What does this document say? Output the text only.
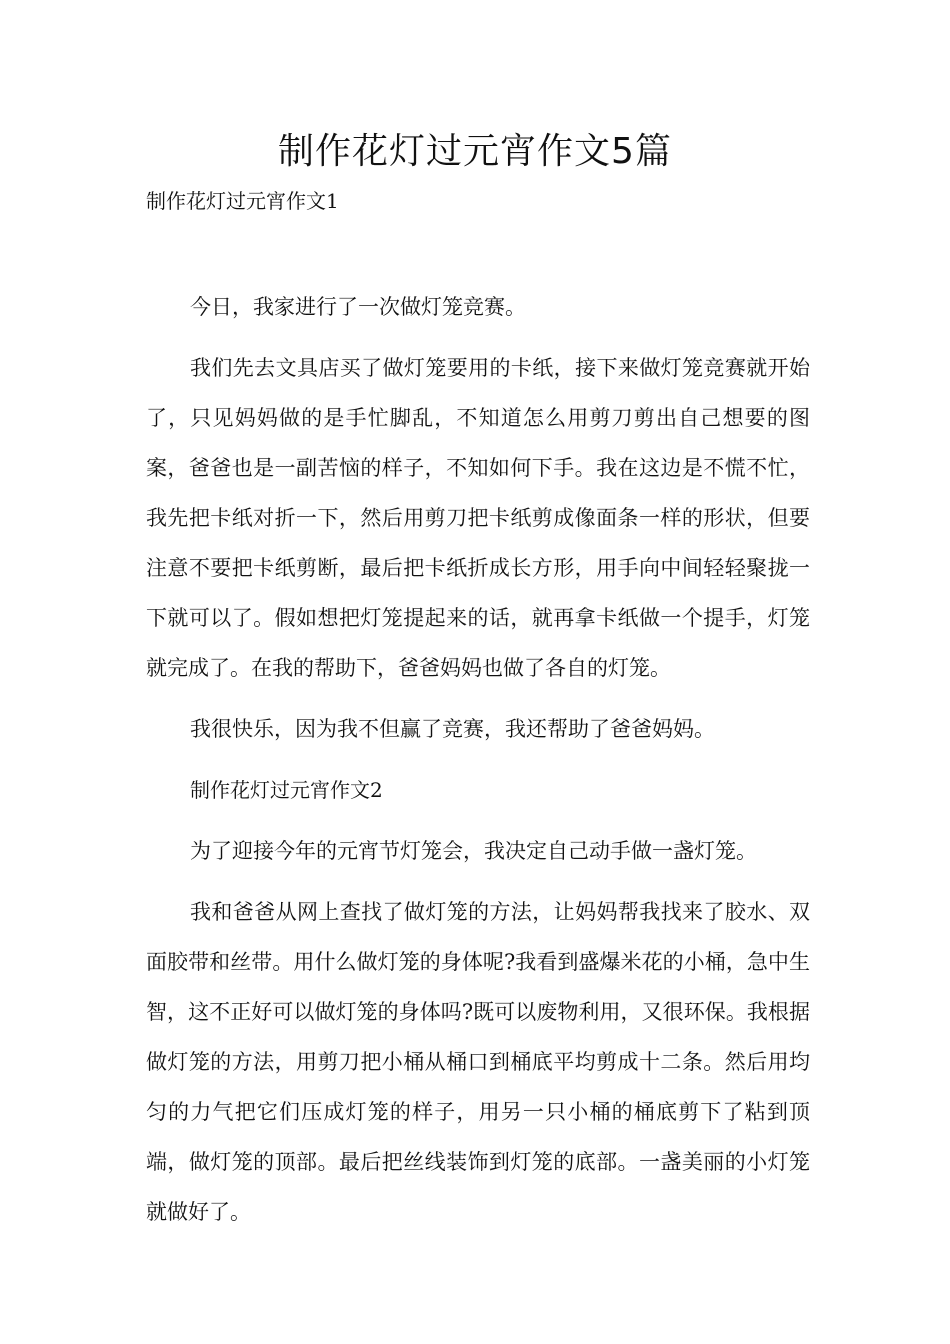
制作花灯过元宵作文5篇

制作花灯过元宵作文1

今日，我家进行了一次做灯笼竞赛。

我们先去文具店买了做灯笼要用的卡纸，接下来做灯笼竞赛就开始了，只见妈妈做的是手忙脚乱，不知道怎么用剪刀剪出自己想要的图案，爸爸也是一副苦恼的样子，不知如何下手。我在这边是不慌不忙，我先把卡纸对折一下，然后用剪刀把卡纸剪成像面条一样的形状，但要注意不要把卡纸剪断，最后把卡纸折成长方形，用手向中间轻轻聚拢一下就可以了。假如想把灯笼提起来的话，就再拿卡纸做一个提手，灯笼就完成了。在我的帮助下，爸爸妈妈也做了各自的灯笼。

我很快乐，因为我不但赢了竞赛，我还帮助了爸爸妈妈。

制作花灯过元宵作文2

为了迎接今年的元宵节灯笼会，我决定自己动手做一盏灯笼。

我和爸爸从网上查找了做灯笼的方法，让妈妈帮我找来了胶水、双面胶带和丝带。用什么做灯笼的身体呢?我看到盛爆米花的小桶，急中生智，这不正好可以做灯笼的身体吗?既可以废物利用，又很环保。我根据做灯笼的方法，用剪刀把小桶从桶口到桶底平均剪成十二条。然后用均匀的力气把它们压成灯笼的样子，用另一只小桶的桶底剪下了粘到顶端，做灯笼的顶部。最后把丝线装饰到灯笼的底部。一盏美丽的小灯笼就做好了。
